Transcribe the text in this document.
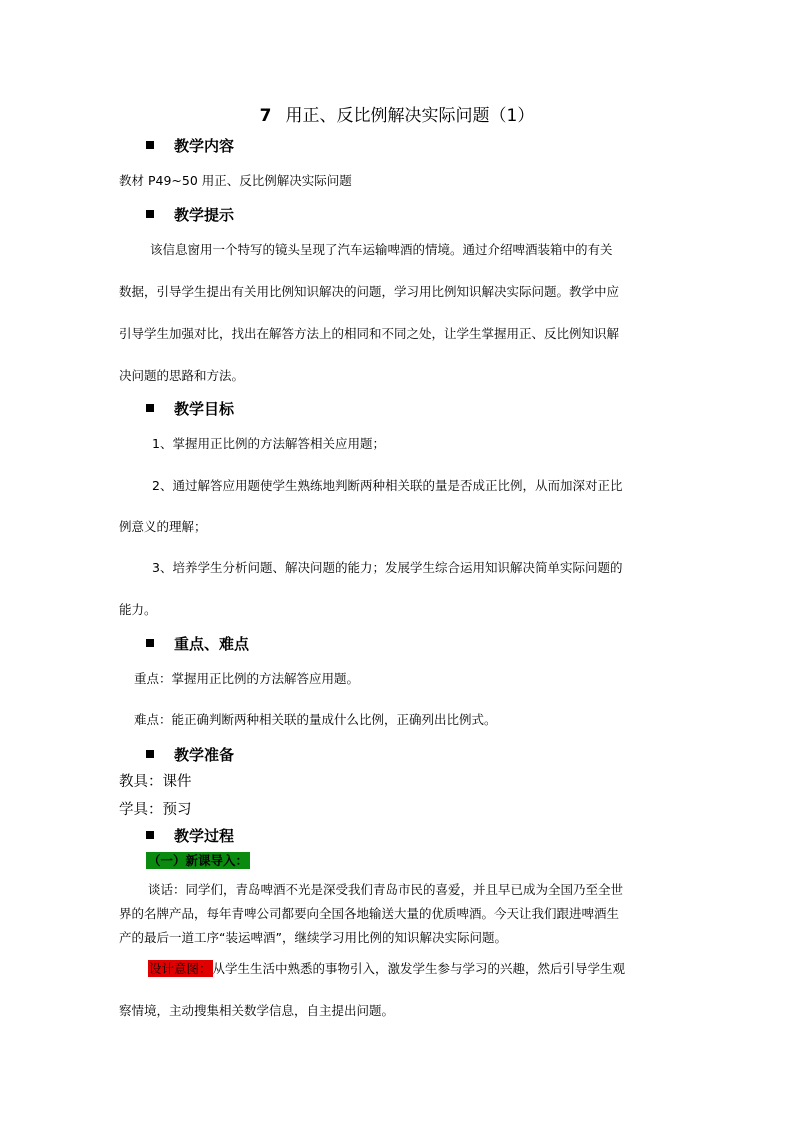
7 用正、反比例解决实际问题（1）
教学内容
教材 P49~50 用正、反比例解决实际问题
教学提示
该信息窗用一个特写的镜头呈现了汽车运输啤酒的情境。通过介绍啤酒装箱中的有关
数据，引导学生提出有关用比例知识解决的问题，学习用比例知识解决实际问题。教学中应
引导学生加强对比，找出在解答方法上的相同和不同之处，让学生掌握用正、反比例知识解
决问题的思路和方法。
教学目标
1、掌握用正比例的方法解答相关应用题；
2、通过解答应用题使学生熟练地判断两种相关联的量是否成正比例，从而加深对正比
例意义的理解；
3、培养学生分析问题、解决问题的能力；发展学生综合运用知识解决简单实际问题的
能力。
重点、难点
重点：掌握用正比例的方法解答应用题。
难点：能正确判断两种相关联的量成什么比例，正确列出比例式。
教学准备
教具：课件
学具：预习
教学过程
（一）新课导入：
谈话：同学们，青岛啤酒不光是深受我们青岛市民的喜爱，并且早已成为全国乃至全世
界的名牌产品，每年青啤公司都要向全国各地输送大量的优质啤酒。今天让我们跟进啤酒生
产的最后一道工序“装运啤酒”，继续学习用比例的知识解决实际问题。
设计意图：从学生生活中熟悉的事物引入，激发学生参与学习的兴趣，然后引导学生观
察情境，主动搜集相关数学信息，自主提出问题。
